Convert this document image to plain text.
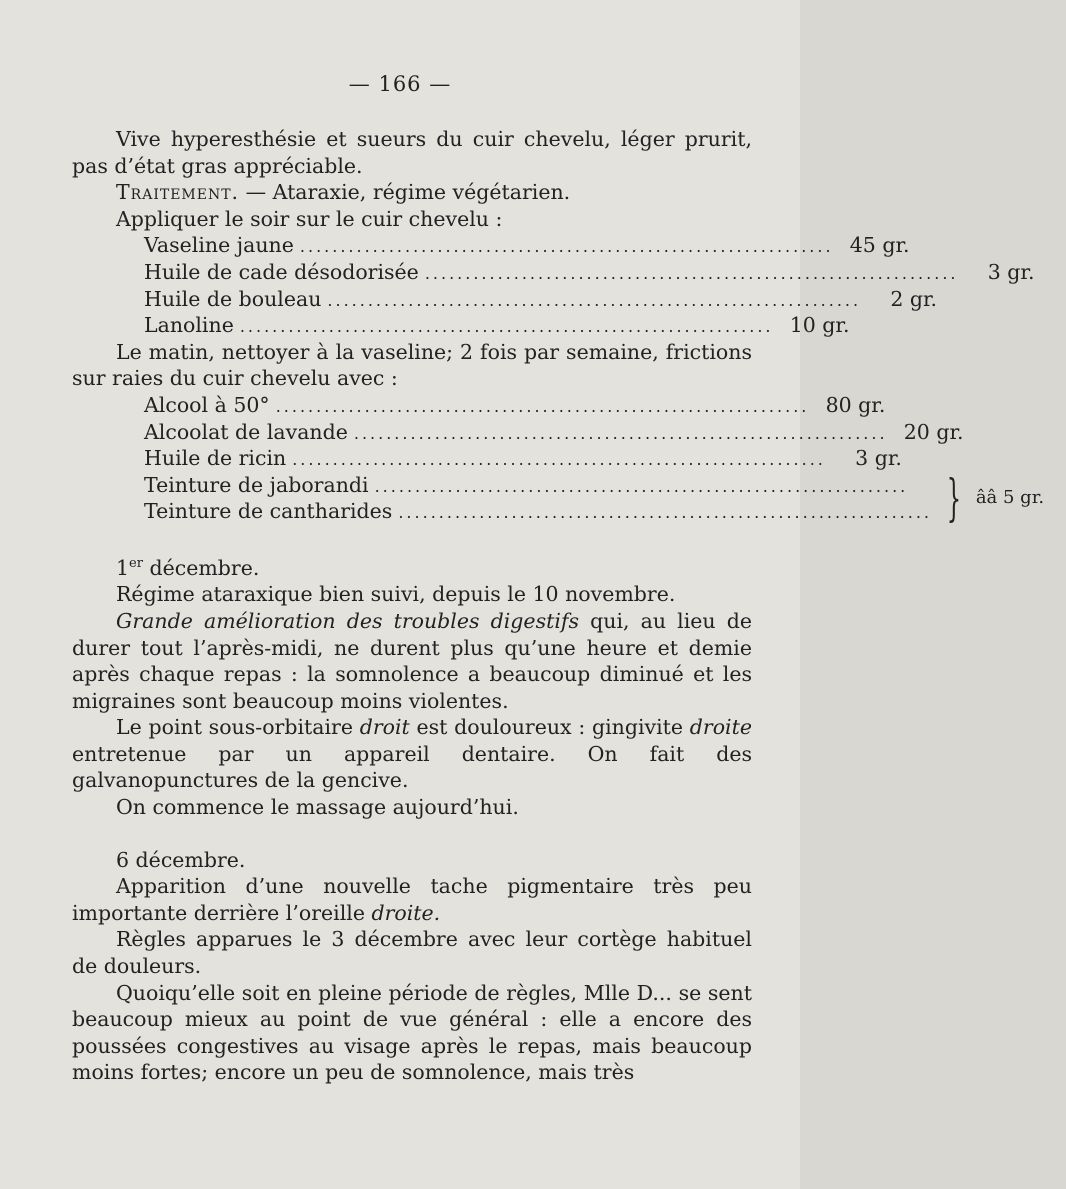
— 166 —

Vive hyperesthésie et sueurs du cuir chevelu, léger prurit, pas d’état gras appréciable.

Traitement. — Ataraxie, régime végétarien.

Appliquer le soir sur le cuir chevelu :

Vaseline jaune .................................................................. 45 gr.
Huile de cade désodorisée ..................................................................	3 gr.
Huile de bouleau ..................................................................	2 gr.
Lanoline .................................................................. 10 gr.

Le matin, nettoyer à la vaseline; 2 fois par semaine, frictions sur raies du cuir chevelu avec :

Alcool à 50° .................................................................. 80 gr.
Alcoolat de lavande .................................................................. 20 gr.
Huile de ricin ..................................................................	3 gr.
Teinture de jaborandi ..................................................................
Teinture de cantharides .................................................................. } ââ 5 gr.

1er décembre.

Régime ataraxique bien suivi, depuis le 10 novembre.

Grande amélioration des troubles digestifs qui, au lieu de durer tout l’après-midi, ne durent plus qu’une heure et demie après chaque repas : la somnolence a beaucoup diminué et les migraines sont beaucoup moins violentes.

Le point sous-orbitaire droit est douloureux : gingivite droite entretenue par un appareil dentaire. On fait des galvanopunctures de la gencive.

On commence le massage aujourd’hui.

6 décembre.

Apparition d’une nouvelle tache pigmentaire très peu importante derrière l’oreille droite.

Règles apparues le 3 décembre avec leur cortège habituel de douleurs.

Quoiqu’elle soit en pleine période de règles, Mlle D... se sent beaucoup mieux au point de vue général : elle a encore des poussées congestives au visage après le repas, mais beaucoup moins fortes; encore un peu de somnolence, mais très
